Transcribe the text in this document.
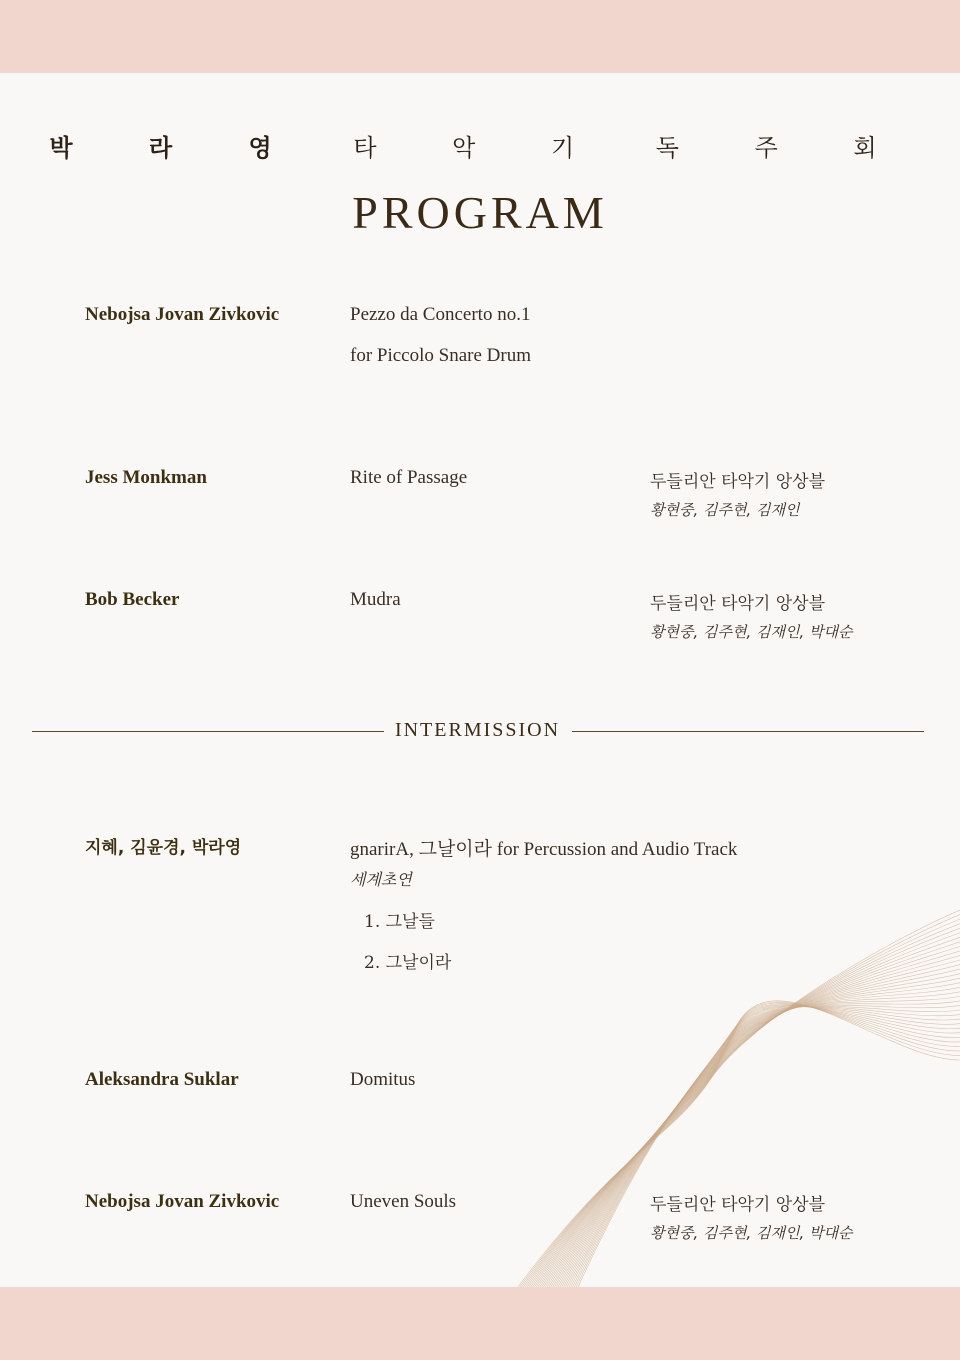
박 라 영 타 악 기 독 주 회
PROGRAM
Nebojsa Jovan Zivkovic	Pezzo da Concerto no.1
for Piccolo Snare Drum
Jess Monkman	Rite of Passage	두들리안 타악기 앙상블
황현중, 김주현, 김재인
Bob Becker	Mudra	두들리안 타악기 앙상블
황현중, 김주현, 김재인, 박대순
INTERMISSION
지혜, 김윤경, 박라영	gnarirA, 그날이라 for Percussion and Audio Track
세계초연
1. 그날들
2. 그날이라
Aleksandra Suklar	Domitus
Nebojsa Jovan Zivkovic	Uneven Souls	두들리안 타악기 앙상블
황현중, 김주현, 김재인, 박대순
